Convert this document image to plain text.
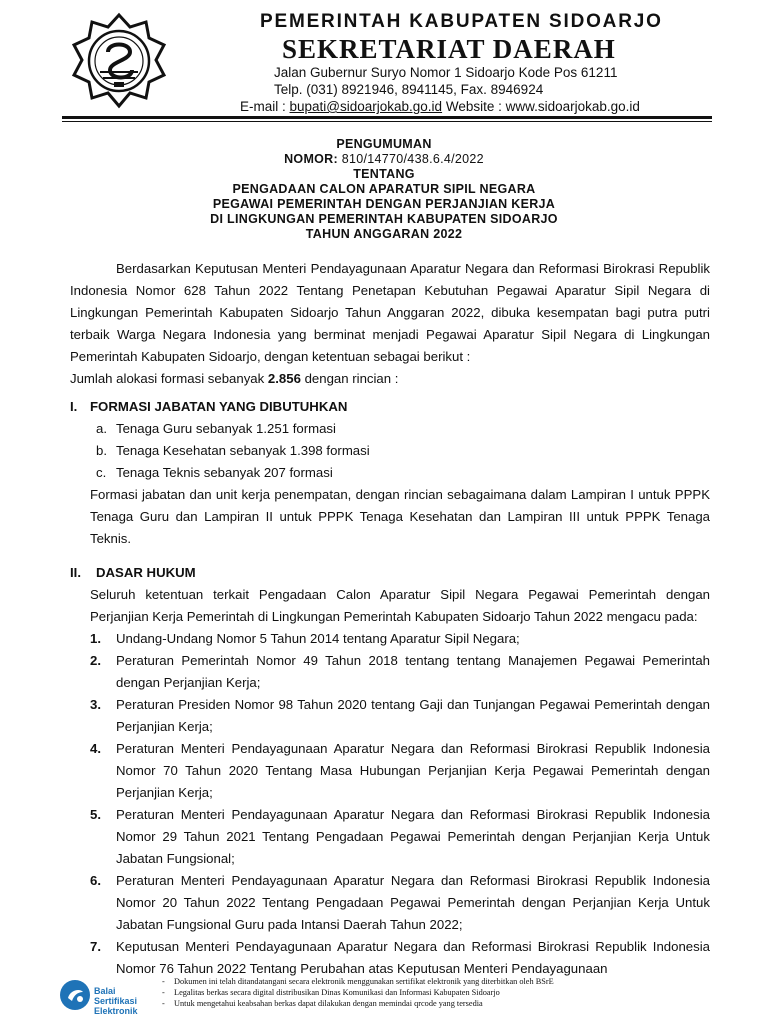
PEMERINTAH KABUPATEN SIDOARJO
SEKRETARIAT DAERAH
Jalan Gubernur Suryo Nomor 1 Sidoarjo Kode Pos 61211
Telp. (031) 8921946, 8941145, Fax. 8946924
E-mail : bupati@sidoarjokab.go.id Website : www.sidoarjokab.go.id
PENGUMUMAN
NOMOR: 810/14770/438.6.4/2022
TENTANG
PENGADAAN CALON APARATUR SIPIL NEGARA
PEGAWAI PEMERINTAH DENGAN PERJANJIAN KERJA
DI LINGKUNGAN PEMERINTAH KABUPATEN SIDOARJO
TAHUN ANGGARAN 2022

Berdasarkan Keputusan Menteri Pendayagunaan Aparatur Negara dan Reformasi Birokrasi Republik Indonesia Nomor 628 Tahun 2022 Tentang Penetapan Kebutuhan Pegawai Aparatur Sipil Negara di Lingkungan Pemerintah Kabupaten Sidoarjo Tahun Anggaran 2022, dibuka kesempatan bagi putra putri terbaik Warga Negara Indonesia yang berminat menjadi Pegawai Aparatur Sipil Negara di Lingkungan Pemerintah Kabupaten Sidoarjo, dengan ketentuan sebagai berikut :

Jumlah alokasi formasi sebanyak 2.856 dengan rincian :

I. FORMASI JABATAN YANG DIBUTUHKAN
a. Tenaga Guru sebanyak 1.251 formasi
b. Tenaga Kesehatan sebanyak 1.398 formasi
c. Tenaga Teknis sebanyak 207 formasi

Formasi jabatan dan unit kerja penempatan, dengan rincian sebagaimana dalam Lampiran I untuk PPPK Tenaga Guru dan Lampiran II untuk PPPK Tenaga Kesehatan dan Lampiran III untuk PPPK Tenaga Teknis.

II.	DASAR HUKUM

Seluruh ketentuan terkait Pengadaan Calon Aparatur Sipil Negara Pegawai Pemerintah dengan Perjanjian Kerja Pemerintah di Lingkungan Pemerintah Kabupaten Sidoarjo Tahun 2022 mengacu pada:

1.	Undang-Undang Nomor 5 Tahun 2014 tentang Aparatur Sipil Negara;
2.	Peraturan Pemerintah Nomor 49 Tahun 2018 tentang tentang Manajemen Pegawai Pemerintah dengan Perjanjian Kerja;
3.	Peraturan Presiden Nomor 98 Tahun 2020 tentang Gaji dan Tunjangan Pegawai Pemerintah dengan Perjanjian Kerja;
4.	Peraturan Menteri Pendayagunaan Aparatur Negara dan Reformasi Birokrasi Republik Indonesia Nomor 70 Tahun 2020 Tentang Masa Hubungan Perjanjian Kerja Pegawai Pemerintah dengan Perjanjian Kerja;
5.	Peraturan Menteri Pendayagunaan Aparatur Negara dan Reformasi Birokrasi Republik Indonesia Nomor 29 Tahun 2021 Tentang Pengadaan Pegawai Pemerintah dengan Perjanjian Kerja Untuk Jabatan Fungsional;
6.	Peraturan Menteri Pendayagunaan Aparatur Negara dan Reformasi Birokrasi Republik Indonesia Nomor 20 Tahun 2022 Tentang Pengadaan Pegawai Pemerintah dengan Perjanjian Kerja Untuk Jabatan Fungsional Guru pada Intansi Daerah Tahun 2022;
7.	Keputusan Menteri Pendayagunaan Aparatur Negara dan Reformasi Birokrasi Republik Indonesia Nomor 76 Tahun 2022 Tentang Perubahan atas Keputusan Menteri Pendayagunaan
Balai
Sertifikasi
Elektronik
-	Dokumen ini telah ditandatangani secara elektronik menggunakan sertifikat elektronik yang diterbitkan oleh BSrE
-	Legalitas berkas secara digital distribusikan Dinas Komunikasi dan Informasi Kabupaten Sidoarjo
-	Untuk mengetahui keabsahan berkas dapat dilakukan dengan memindai qrcode yang tersedia
